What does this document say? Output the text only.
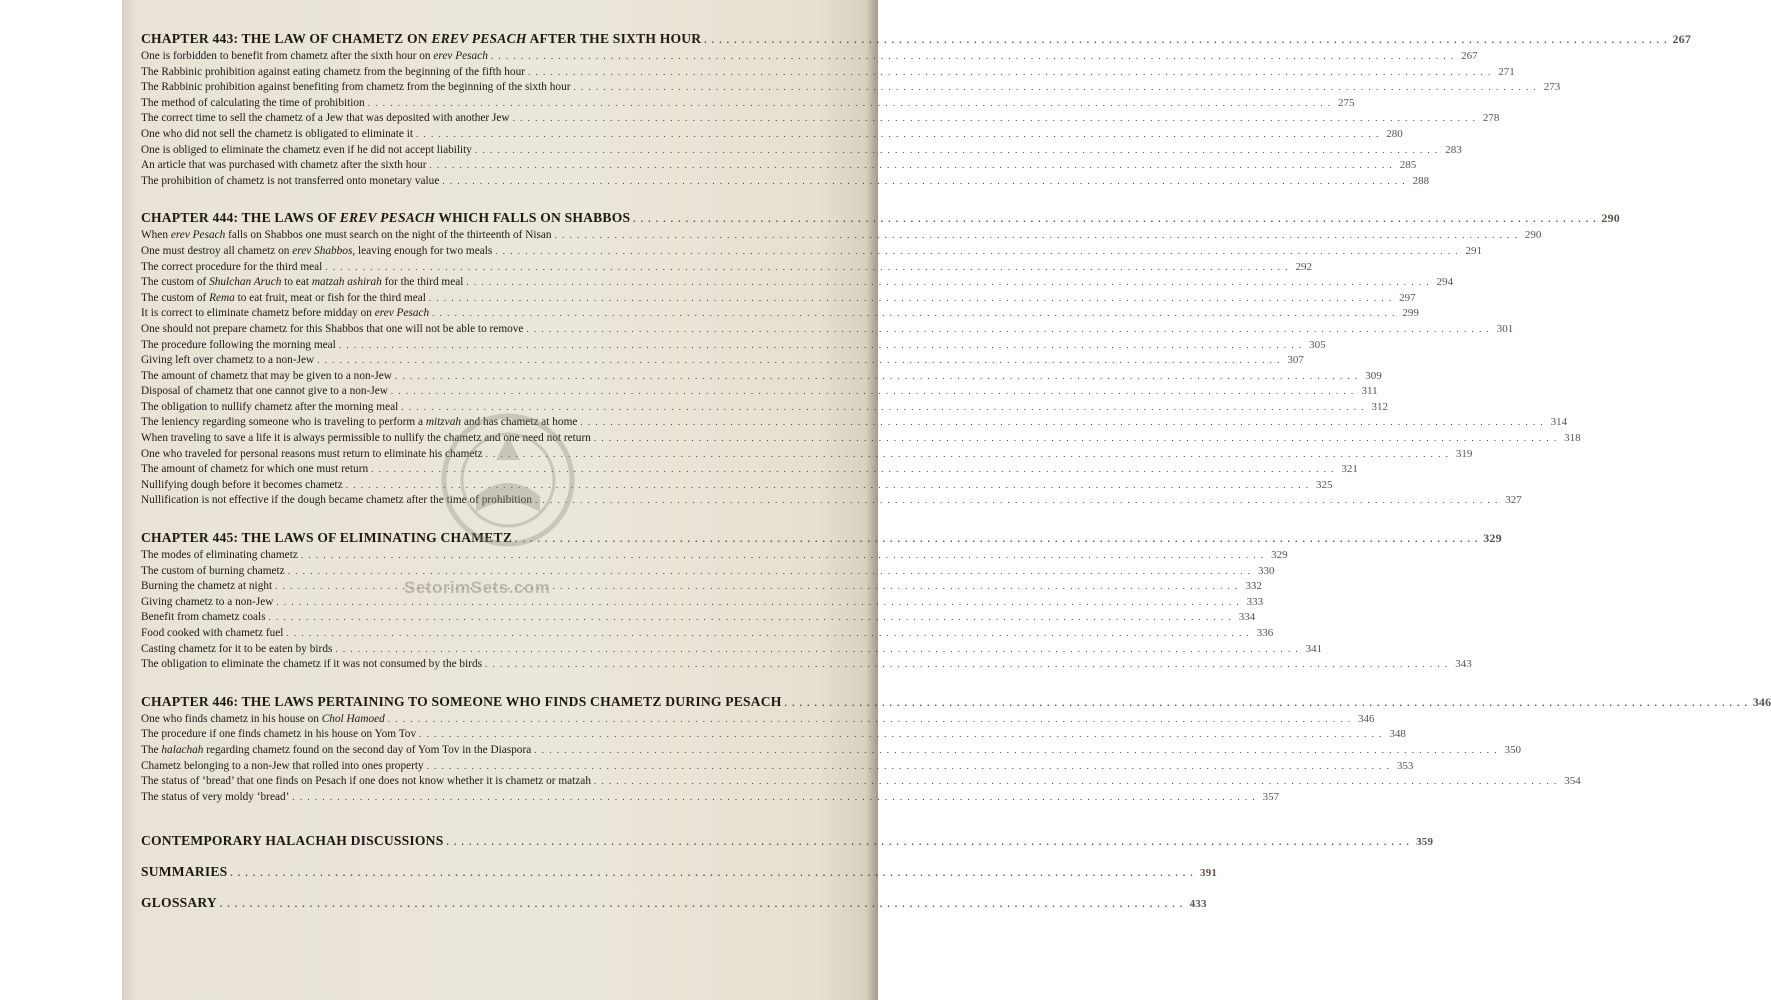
CHAPTER 443: THE LAW OF CHAMETZ ON EREV PESACH AFTER THE SIXTH HOUR . . .	267
One is forbidden to benefit from chametz after the sixth hour on erev Pesach . . .	267
The Rabbinic prohibition against eating chametz from the beginning of the fifth hour . . .	271
The Rabbinic prohibition against benefiting from chametz from the beginning of the sixth hour . . .	273
The method of calculating the time of prohibition . . .	275
The correct time to sell the chametz of a Jew that was deposited with another Jew . . .	278
One who did not sell the chametz is obligated to eliminate it . . .	280
One is obliged to eliminate the chametz even if he did not accept liability . . .	283
An article that was purchased with chametz after the sixth hour . . .	285
The prohibition of chametz is not transferred onto monetary value . . .	288
CHAPTER 444: THE LAWS OF EREV PESACH WHICH FALLS ON SHABBOS . . .	290
When erev Pesach falls on Shabbos one must search on the night of the thirteenth of Nisan . . .	290
One must destroy all chametz on erev Shabbos, leaving enough for two meals . . .	291
The correct procedure for the third meal . . .	292
The custom of Shulchan Aruch to eat matzah ashirah for the third meal . . .	294
The custom of Rema to eat fruit, meat or fish for the third meal . . .	297
It is correct to eliminate chametz before midday on erev Pesach . . .	299
One should not prepare chametz for this Shabbos that one will not be able to remove . . .	301
The procedure following the morning meal . . .	305
Giving left over chametz to a non-Jew . . .	307
The amount of chametz that may be given to a non-Jew . . .	309
Disposal of chametz that one cannot give to a non-Jew . . .	311
The obligation to nullify chametz after the morning meal . . .	312
The leniency regarding someone who is traveling to perform a mitzvah and has chametz at home . . .	314
When traveling to save a life it is always permissible to nullify the chametz and one need not return . . .	318
One who traveled for personal reasons must return to eliminate his chametz . . .	319
The amount of chametz for which one must return . . .	321
Nullifying dough before it becomes chametz . . .	325
Nullification is not effective if the dough became chametz after the time of prohibition . . .	327
CHAPTER 445: THE LAWS OF ELIMINATING CHAMETZ . . .	329
The modes of eliminating chametz . . .	329
The custom of burning chametz . . .	330
Burning the chametz at night . . .	332
Giving chametz to a non-Jew . . .	333
Benefit from chametz coals . . .	334
Food cooked with chametz fuel . . .	336
Casting chametz for it to be eaten by birds . . .	341
The obligation to eliminate the chametz if it was not consumed by the birds . . .	343
CHAPTER 446: THE LAWS PERTAINING TO SOMEONE WHO FINDS CHAMETZ DURING PESACH . . .	346
One who finds chametz in his house on Chol Hamoed . . .	346
The procedure if one finds chametz in his house on Yom Tov . . .	348
The halachah regarding chametz found on the second day of Yom Tov in the Diaspora . . .	350
Chametz belonging to a non-Jew that rolled into ones property . . .	353
The status of ‘bread’ that one finds on Pesach if one does not know whether it is chametz or matzah . . .	354
The status of very moldy ‘bread’ . . .	357
CONTEMPORARY HALACHAH DISCUSSIONS . . .	359
SUMMARIES . . .	391
GLOSSARY . . .	433
SetorimSets.com
